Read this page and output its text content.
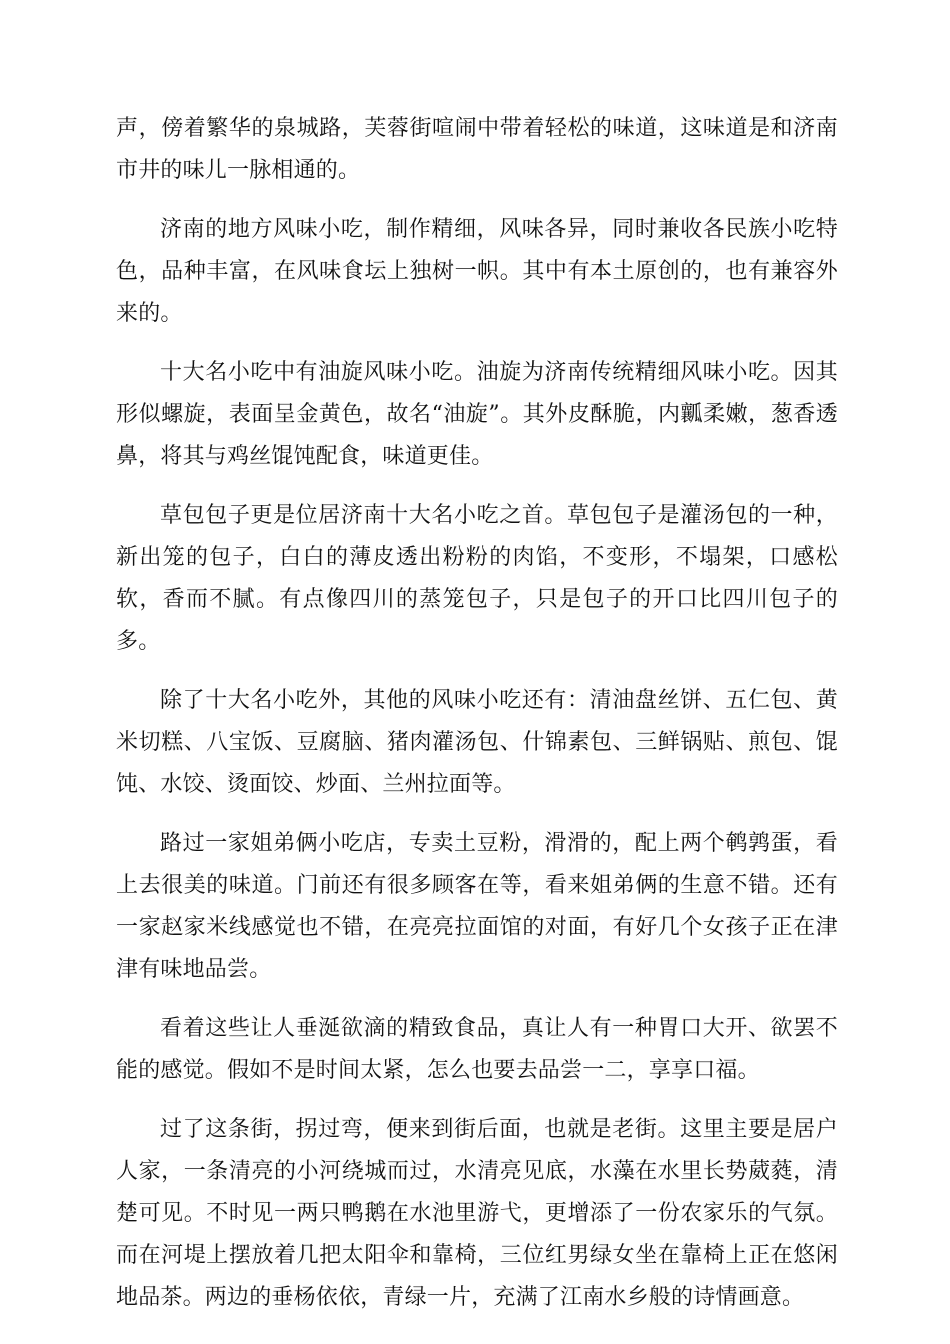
声，傍着繁华的泉城路，芙蓉街喧闹中带着轻松的味道，这味道是和济南市井的味儿一脉相通的。

济南的地方风味小吃，制作精细，风味各异，同时兼收各民族小吃特色，品种丰富，在风味食坛上独树一帜。其中有本土原创的，也有兼容外来的。

十大名小吃中有油旋风味小吃。油旋为济南传统精细风味小吃。因其形似螺旋，表面呈金黄色，故名“油旋”。其外皮酥脆，内瓤柔嫩，葱香透鼻，将其与鸡丝馄饨配食，味道更佳。

草包包子更是位居济南十大名小吃之首。草包包子是灌汤包的一种，新出笼的包子，白白的薄皮透出粉粉的肉馅，不变形，不塌架，口感松软，香而不腻。有点像四川的蒸笼包子，只是包子的开口比四川包子的多。

除了十大名小吃外，其他的风味小吃还有：清油盘丝饼、五仁包、黄米切糕、八宝饭、豆腐脑、猪肉灌汤包、什锦素包、三鲜锅贴、煎包、馄饨、水饺、烫面饺、炒面、兰州拉面等。

路过一家姐弟俩小吃店，专卖土豆粉，滑滑的，配上两个鹌鹑蛋，看上去很美的味道。门前还有很多顾客在等，看来姐弟俩的生意不错。还有一家赵家米线感觉也不错，在亮亮拉面馆的对面，有好几个女孩子正在津津有味地品尝。

看着这些让人垂涎欲滴的精致食品，真让人有一种胃口大开、欲罢不能的感觉。假如不是时间太紧，怎么也要去品尝一二，享享口福。

过了这条街，拐过弯，便来到街后面，也就是老街。这里主要是居户人家，一条清亮的小河绕城而过，水清亮见底，水藻在水里长势葳蕤，清楚可见。不时见一两只鸭鹅在水池里游弋，更增添了一份农家乐的气氛。而在河堤上摆放着几把太阳伞和靠椅，三位红男绿女坐在靠椅上正在悠闲地品茶。两边的垂杨依依，青绿一片，充满了江南水乡般的诗情画意。
